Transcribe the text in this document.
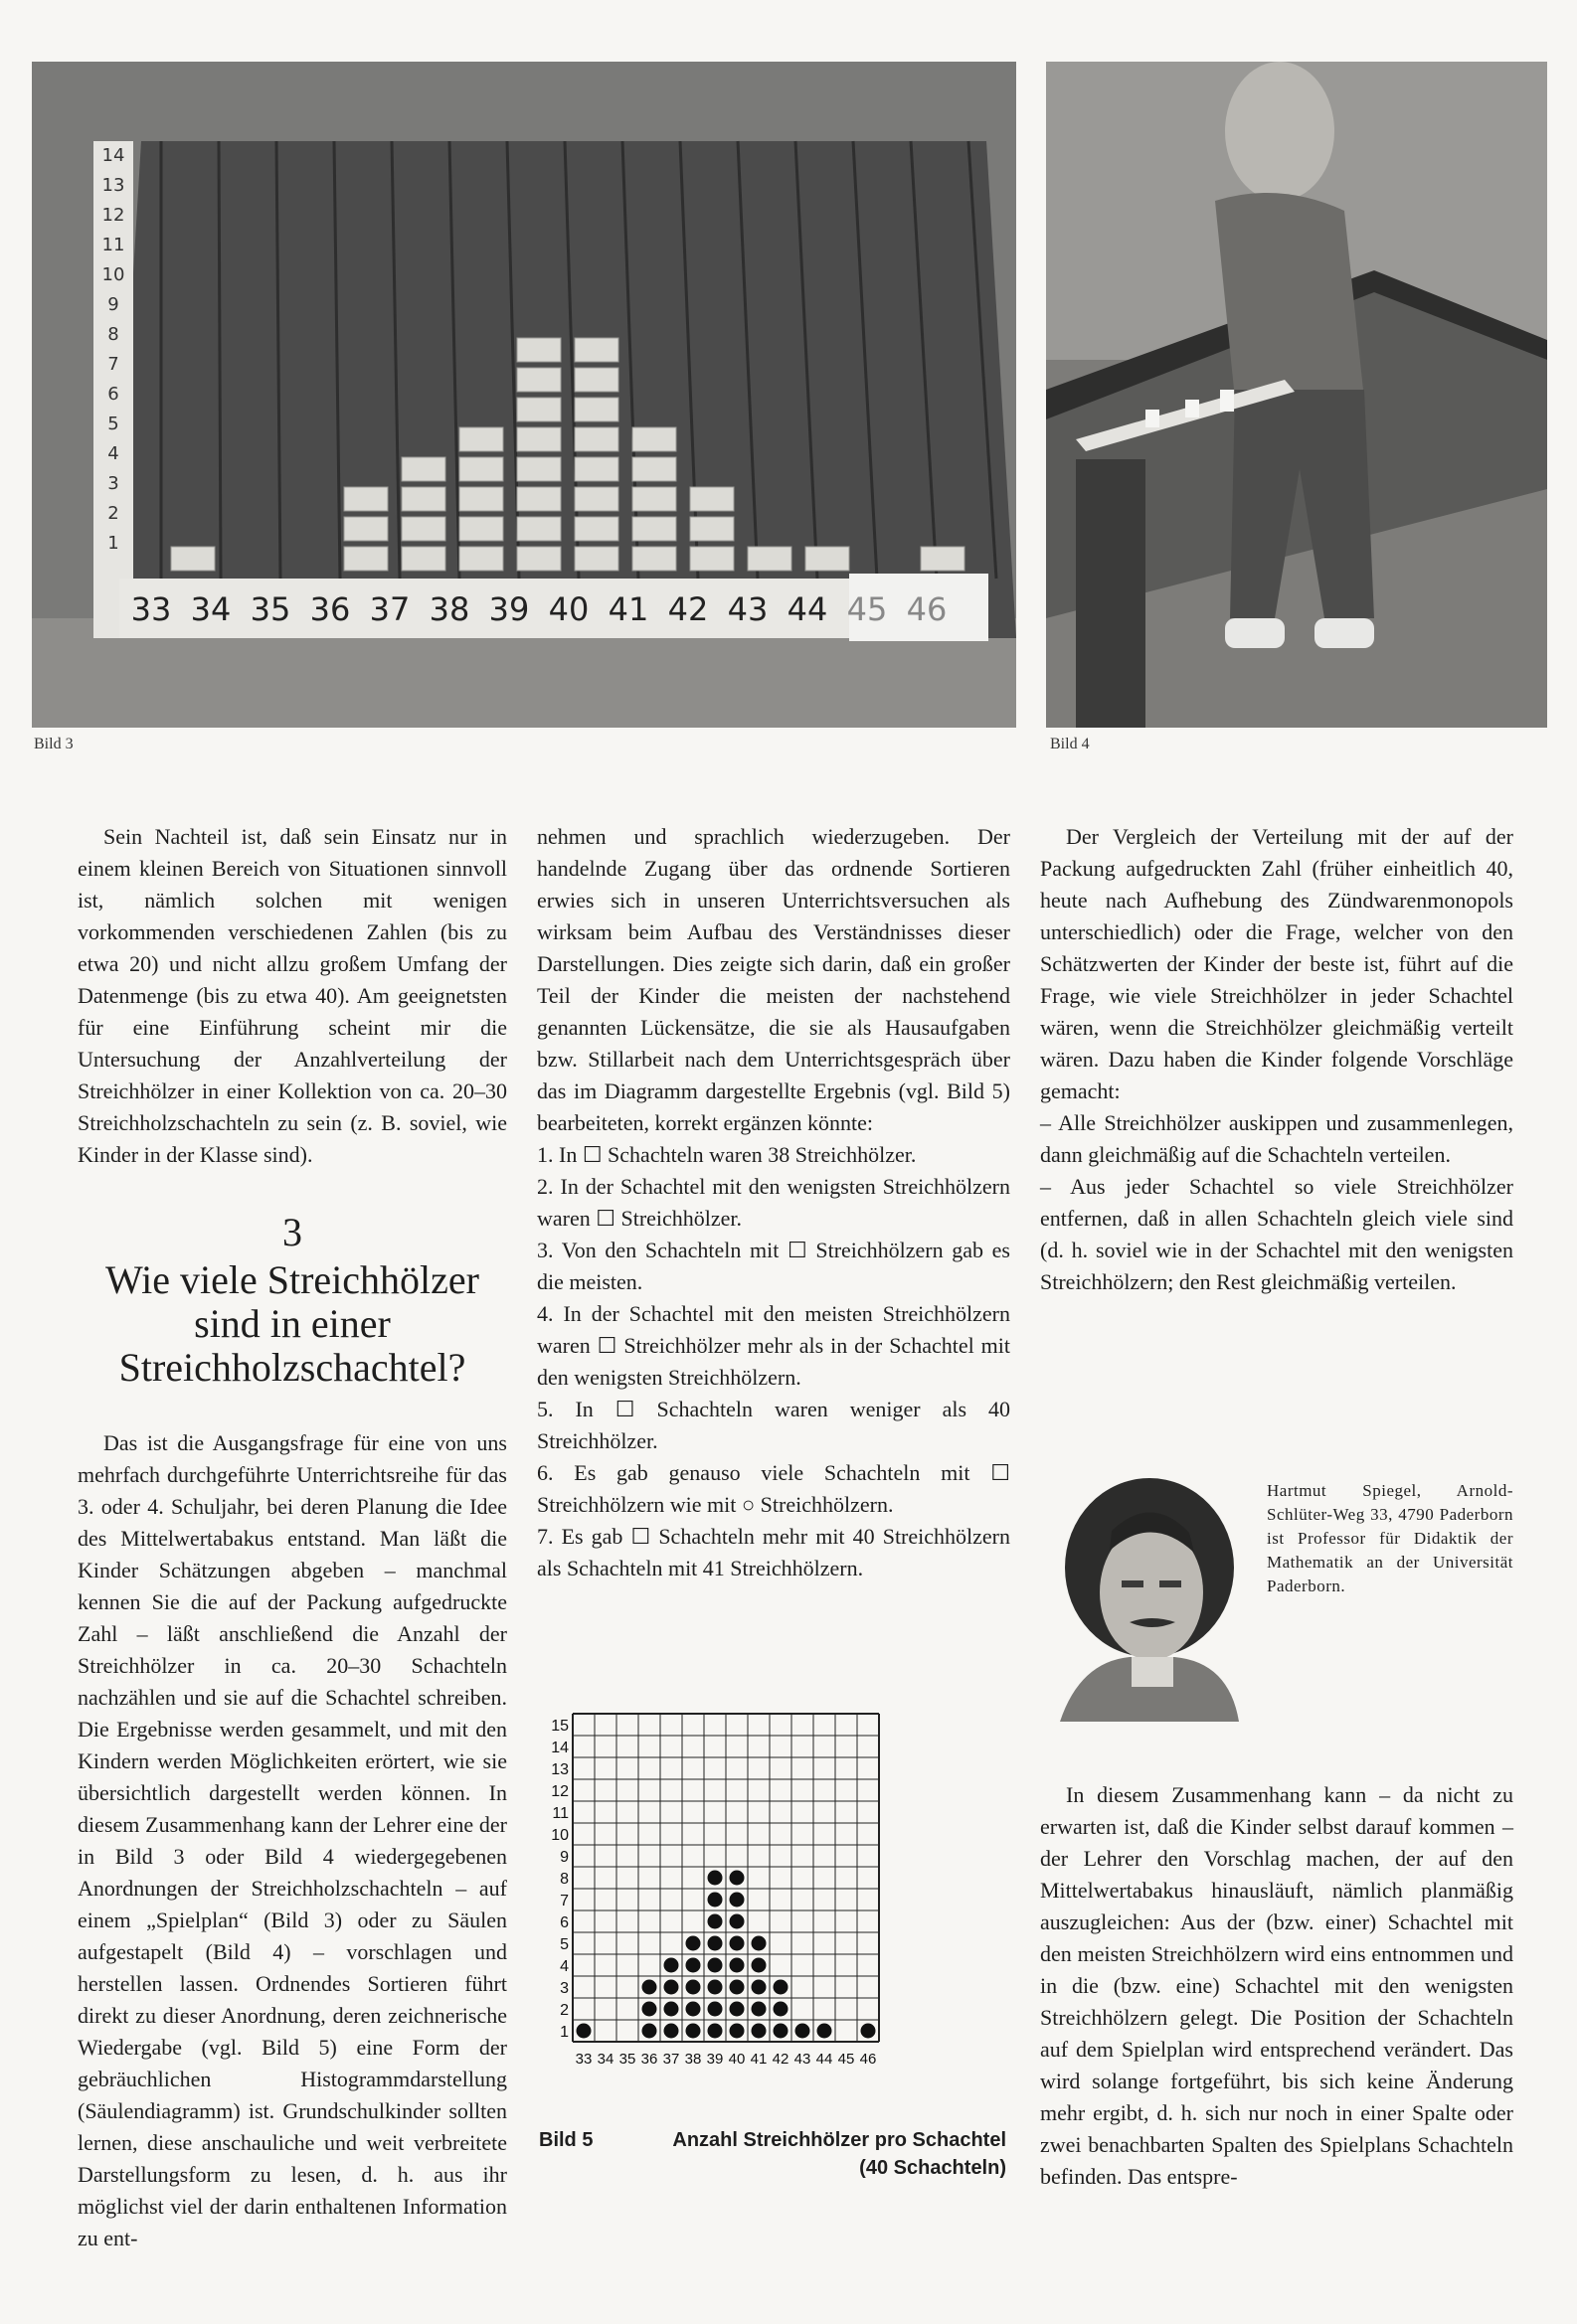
14
13
12
11
10
9
8
7
6
5
4
3
2
1
33 34 35 36 37 38 39 40 41 42 43 44 45 46
Bild 3	Bild 4

Sein Nachteil ist, daß sein Einsatz nur in einem kleinen Bereich von Situationen sinnvoll ist, nämlich solchen mit wenigen vorkommenden verschiedenen Zahlen (bis zu etwa 20) und nicht allzu großem Umfang der Datenmenge (bis zu etwa 40). Am geeignetsten für eine Einführung scheint mir die Untersuchung der Anzahlverteilung der Streichhölzer in einer Kollektion von ca. 20–30 Streichholzschachteln zu sein (z. B. soviel, wie Kinder in der Klasse sind).

3
Wie viele Streichhölzer sind in einer Streichholzschachtel?

Das ist die Ausgangsfrage für eine von uns mehrfach durchgeführte Unterrichtsreihe für das 3. oder 4. Schuljahr, bei deren Planung die Idee des Mittelwertabakus entstand. Man läßt die Kinder Schätzungen abgeben – manchmal kennen Sie die auf der Packung aufgedruckte Zahl – läßt anschließend die Anzahl der Streichhölzer in ca. 20–30 Schachteln nachzählen und sie auf die Schachtel schreiben. Die Ergebnisse werden gesammelt, und mit den Kindern werden Möglichkeiten erörtert, wie sie übersichtlich dargestellt werden können. In diesem Zusammenhang kann der Lehrer eine der in Bild 3 oder Bild 4 wiedergegebenen Anordnungen der Streichholzschachteln – auf einem „Spielplan“ (Bild 3) oder zu Säulen aufgestapelt (Bild 4) – vorschlagen und herstellen lassen. Ordnendes Sortieren führt direkt zu dieser Anordnung, deren zeichnerische Wiedergabe (vgl. Bild 5) eine Form der gebräuchlichen Histogrammdarstellung (Säulendiagramm) ist. Grundschulkinder sollten lernen, diese anschauliche und weit verbreitete Darstellungsform zu lesen, d. h. aus ihr möglichst viel der darin enthaltenen Information zu ent-

nehmen und sprachlich wiederzugeben. Der handelnde Zugang über das ordnende Sortieren erwies sich in unseren Unterrichtsversuchen als wirksam beim Aufbau des Verständnisses dieser Darstellungen. Dies zeigte sich darin, daß ein großer Teil der Kinder die meisten der nachstehend genannten Lückensätze, die sie als Hausaufgaben bzw. Stillarbeit nach dem Unterrichtsgespräch über das im Diagramm dargestellte Ergebnis (vgl. Bild 5) bearbeiteten, korrekt ergänzen könnte:

1. In ☐ Schachteln waren 38 Streichhölzer.

2. In der Schachtel mit den wenigsten Streichhölzern waren ☐ Streichhölzer.

3. Von den Schachteln mit ☐ Streichhölzern gab es die meisten.

4. In der Schachtel mit den meisten Streichhölzern waren ☐ Streichhölzer mehr als in der Schachtel mit den wenigsten Streichhölzern.

5. In ☐ Schachteln waren weniger als 40 Streichhölzer.

6. Es gab genauso viele Schachteln mit ☐ Streichhölzern wie mit ○ Streichhölzern.

7. Es gab ☐ Schachteln mehr mit 40 Streichhölzern als Schachteln mit 41 Streichhölzern.

1
2
3
4
5
6
7
8
9
10
11
12
13
14
15
33 34 35 36 37 38 39 40 41 42 43 44 45 46
Bild 5	Anzahl Streichhölzer pro Schachtel
(40 Schachteln)

Der Vergleich der Verteilung mit der auf der Packung aufgedruckten Zahl (früher einheitlich 40, heute nach Aufhebung des Zündwarenmonopols unterschiedlich) oder die Frage, welcher von den Schätzwerten der Kinder der beste ist, führt auf die Frage, wie viele Streichhölzer in jeder Schachtel wären, wenn die Streichhölzer gleichmäßig verteilt wären. Dazu haben die Kinder folgende Vorschläge gemacht:

– Alle Streichhölzer auskippen und zusammenlegen, dann gleichmäßig auf die Schachteln verteilen.

– Aus jeder Schachtel so viele Streichhölzer entfernen, daß in allen Schachteln gleich viele sind (d. h. soviel wie in der Schachtel mit den wenigsten Streichhölzern; den Rest gleichmäßig verteilen.

Hartmut Spiegel, Arnold-Schlüter-Weg 33, 4790 Paderborn ist Professor für Didaktik der Mathematik an der Universität Paderborn.

In diesem Zusammenhang kann – da nicht zu erwarten ist, daß die Kinder selbst darauf kommen – der Lehrer den Vorschlag machen, der auf den Mittelwertabakus hinausläuft, nämlich planmäßig auszugleichen: Aus der (bzw. einer) Schachtel mit den meisten Streichhölzern wird eins entnommen und in die (bzw. eine) Schachtel mit den wenigsten Streichhölzern gelegt. Die Position der Schachteln auf dem Spielplan wird entsprechend verändert. Das wird solange fortgeführt, bis sich keine Änderung mehr ergibt, d. h. sich nur noch in einer Spalte oder zwei benachbarten Spalten des Spielplans Schachteln befinden. Das entspre-
